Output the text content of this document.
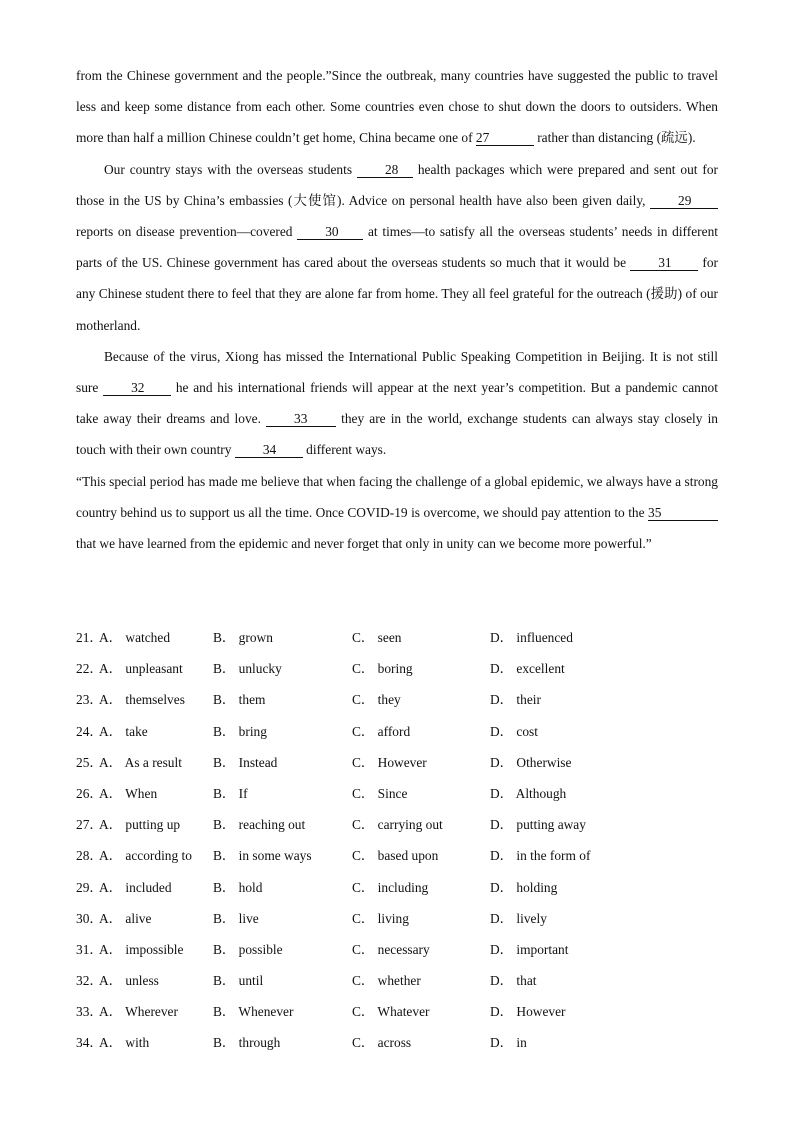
from the Chinese government and the people.”Since the outbreak, many countries have suggested the public to travel less and keep some distance from each other. Some countries even chose to shut down the doors to outsiders. When more than half a million Chinese couldn’t get home, China became one of 27	rather than distancing (疏远).

Our country stays with the overseas students 28 health packages which were prepared and sent out for those in the US by China’s embassies (大使馆). Advice on personal health have also been given daily, 29 reports on disease prevention—covered 30 at times—to satisfy all the overseas students’ needs in different parts of the US. Chinese government has cared about the overseas students so much that it would be 31 for any Chinese student there to feel that they are alone far from home. They all feel grateful for the outreach (援助) of our motherland.

Because of the virus, Xiong has missed the International Public Speaking Competition in Beijing. It is not still sure 32 he and his international friends will appear at the next year’s competition. But a pandemic cannot take away their dreams and love. 33 they are in the world, exchange students can always stay closely in touch with their own country 34 different ways.

“This special period has made me believe that when facing the challenge of a global epidemic, we always have a strong country behind us to support us all the time. Once COVID-19 is overcome, we should pay attention to the 35 that we have learned from the epidemic and never forget that only in unity can we become more powerful.”

21．
A． watched	B． grown	C． seen	D． influenced
22．
A． unpleasant B． unlucky	C． boring	D． excellent
23．
A． themselves B． them	C． they	D． their
24．
A． take	B． bring	C． afford	D． cost
25．
A． As a result B． Instead	C． However	D． Otherwise
26．
A． When	B． If	C． Since	D． Although
27．
A． putting up B． reaching out	C． carrying out	D． putting away
28．
A． according to B． in some ways	C． based upon	D． in the form of
29．
A． included	B． hold	C． including	D． holding
30．
A． alive	B． live	C． living	D． lively
31．
A． impossible B． possible	C． necessary	D． important
32．
A． unless	B． until	C． whether	D． that
33．
A． Wherever	B． Whenever	C． Whatever	D． However
34．
A． with	B． through	C． across	D． in
